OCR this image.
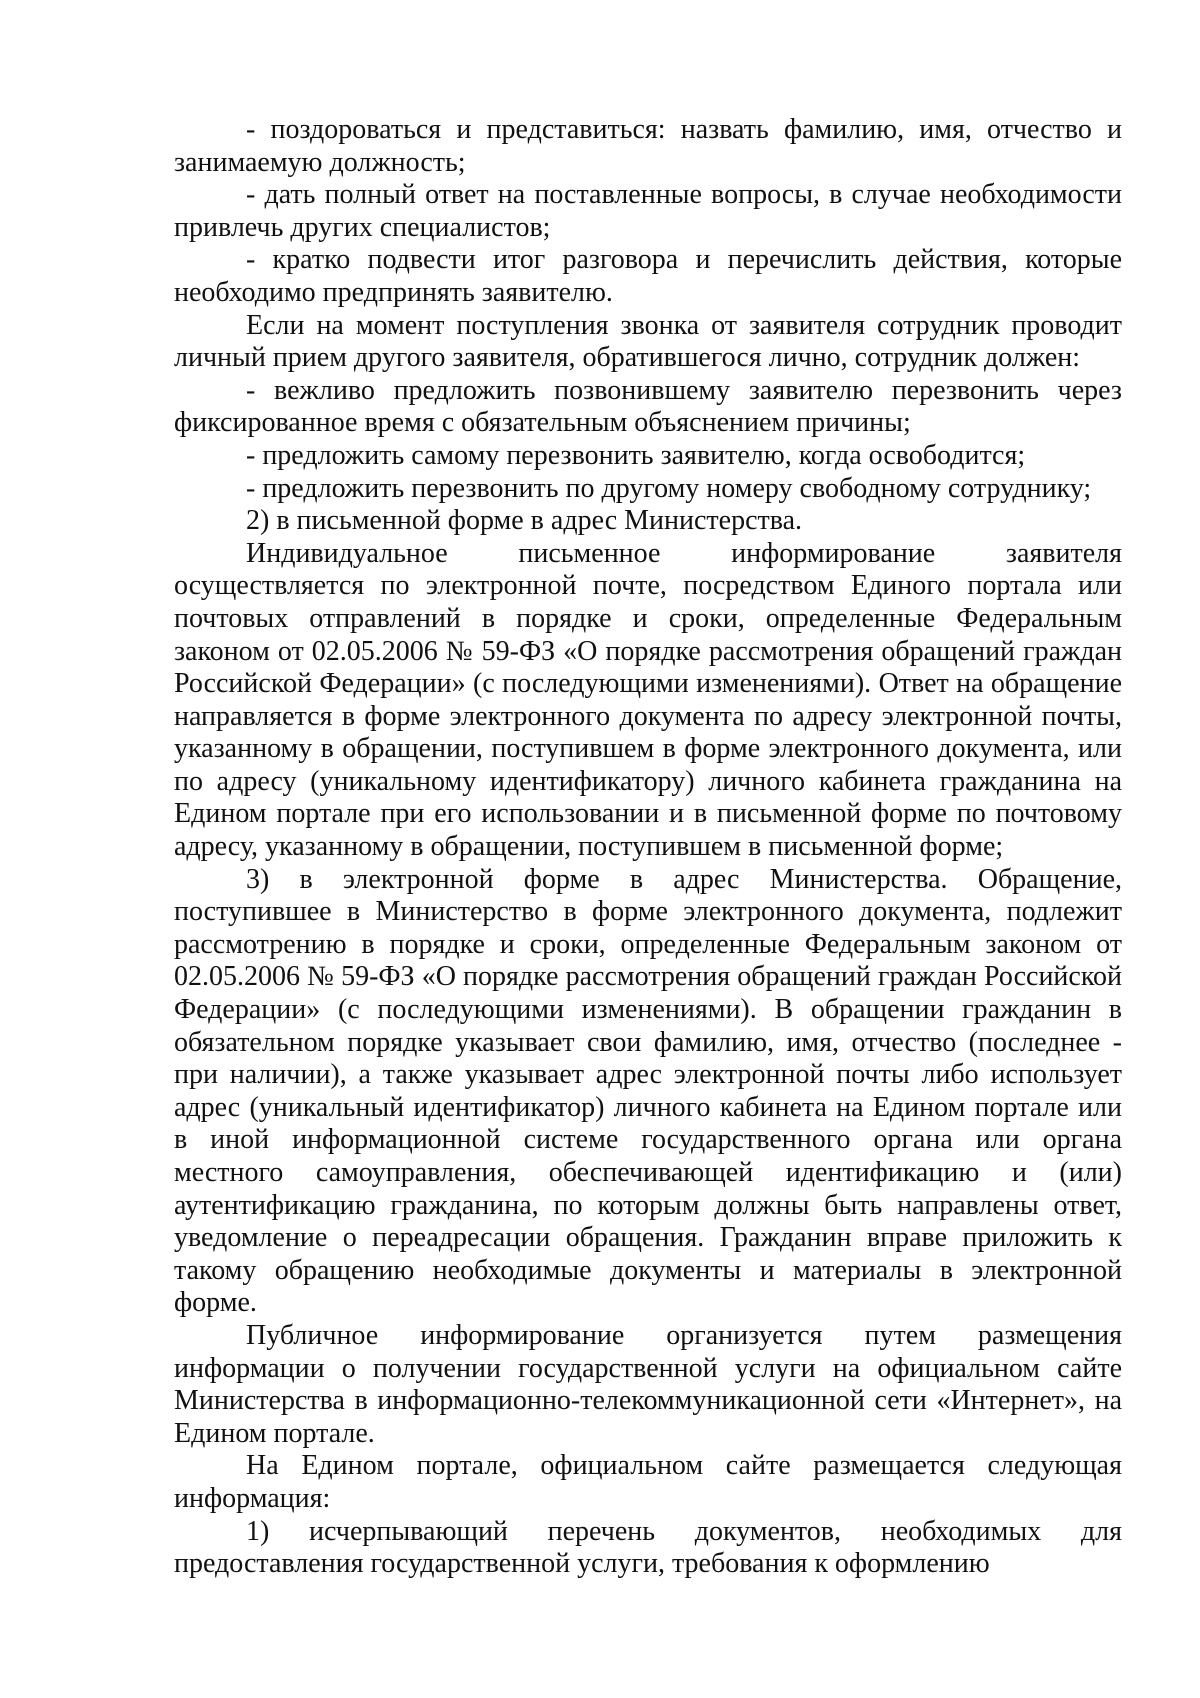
- поздороваться и представиться: назвать фамилию, имя, отчество и занимаемую должность;

- дать полный ответ на поставленные вопросы, в случае необходимости привлечь других специалистов;

- кратко подвести итог разговора и перечислить действия, которые необходимо предпринять заявителю.

Если на момент поступления звонка от заявителя сотрудник проводит личный прием другого заявителя, обратившегося лично, сотрудник должен:

- вежливо предложить позвонившему заявителю перезвонить через фиксированное время с обязательным объяснением причины;

- предложить самому перезвонить заявителю, когда освободится;

- предложить перезвонить по другому номеру свободному сотруднику;

2) в письменной форме в адрес Министерства.

Индивидуальное письменное информирование заявителя осуществляется по электронной почте, посредством Единого портала или почтовых отправлений в порядке и сроки, определенные Федеральным законом от 02.05.2006 № 59-ФЗ «О порядке рассмотрения обращений граждан Российской Федерации» (с последующими изменениями). Ответ на обращение направляется в форме электронного документа по адресу электронной почты, указанному в обращении, поступившем в форме электронного документа, или по адресу (уникальному идентификатору) личного кабинета гражданина на Едином портале при его использовании и в письменной форме по почтовому адресу, указанному в обращении, поступившем в письменной форме;

3) в электронной форме в адрес Министерства. Обращение, поступившее в Министерство в форме электронного документа, подлежит рассмотрению в порядке и сроки, определенные Федеральным законом от 02.05.2006 № 59-ФЗ «О порядке рассмотрения обращений граждан Российской Федерации» (с последующими изменениями). В обращении гражданин в обязательном порядке указывает свои фамилию, имя, отчество (последнее - при наличии), а также указывает адрес электронной почты либо использует адрес (уникальный идентификатор) личного кабинета на Едином портале или в иной информационной системе государственного органа или органа местного самоуправления, обеспечивающей идентификацию и (или) аутентификацию гражданина, по которым должны быть направлены ответ, уведомление о переадресации обращения. Гражданин вправе приложить к такому обращению необходимые документы и материалы в электронной форме.

Публичное информирование организуется путем размещения информации о получении государственной услуги на официальном сайте Министерства в информационно-телекоммуникационной сети «Интернет», на Едином портале.

На Едином портале, официальном сайте размещается следующая информация:

1) исчерпывающий перечень документов, необходимых для предоставления государственной услуги, требования к оформлению
